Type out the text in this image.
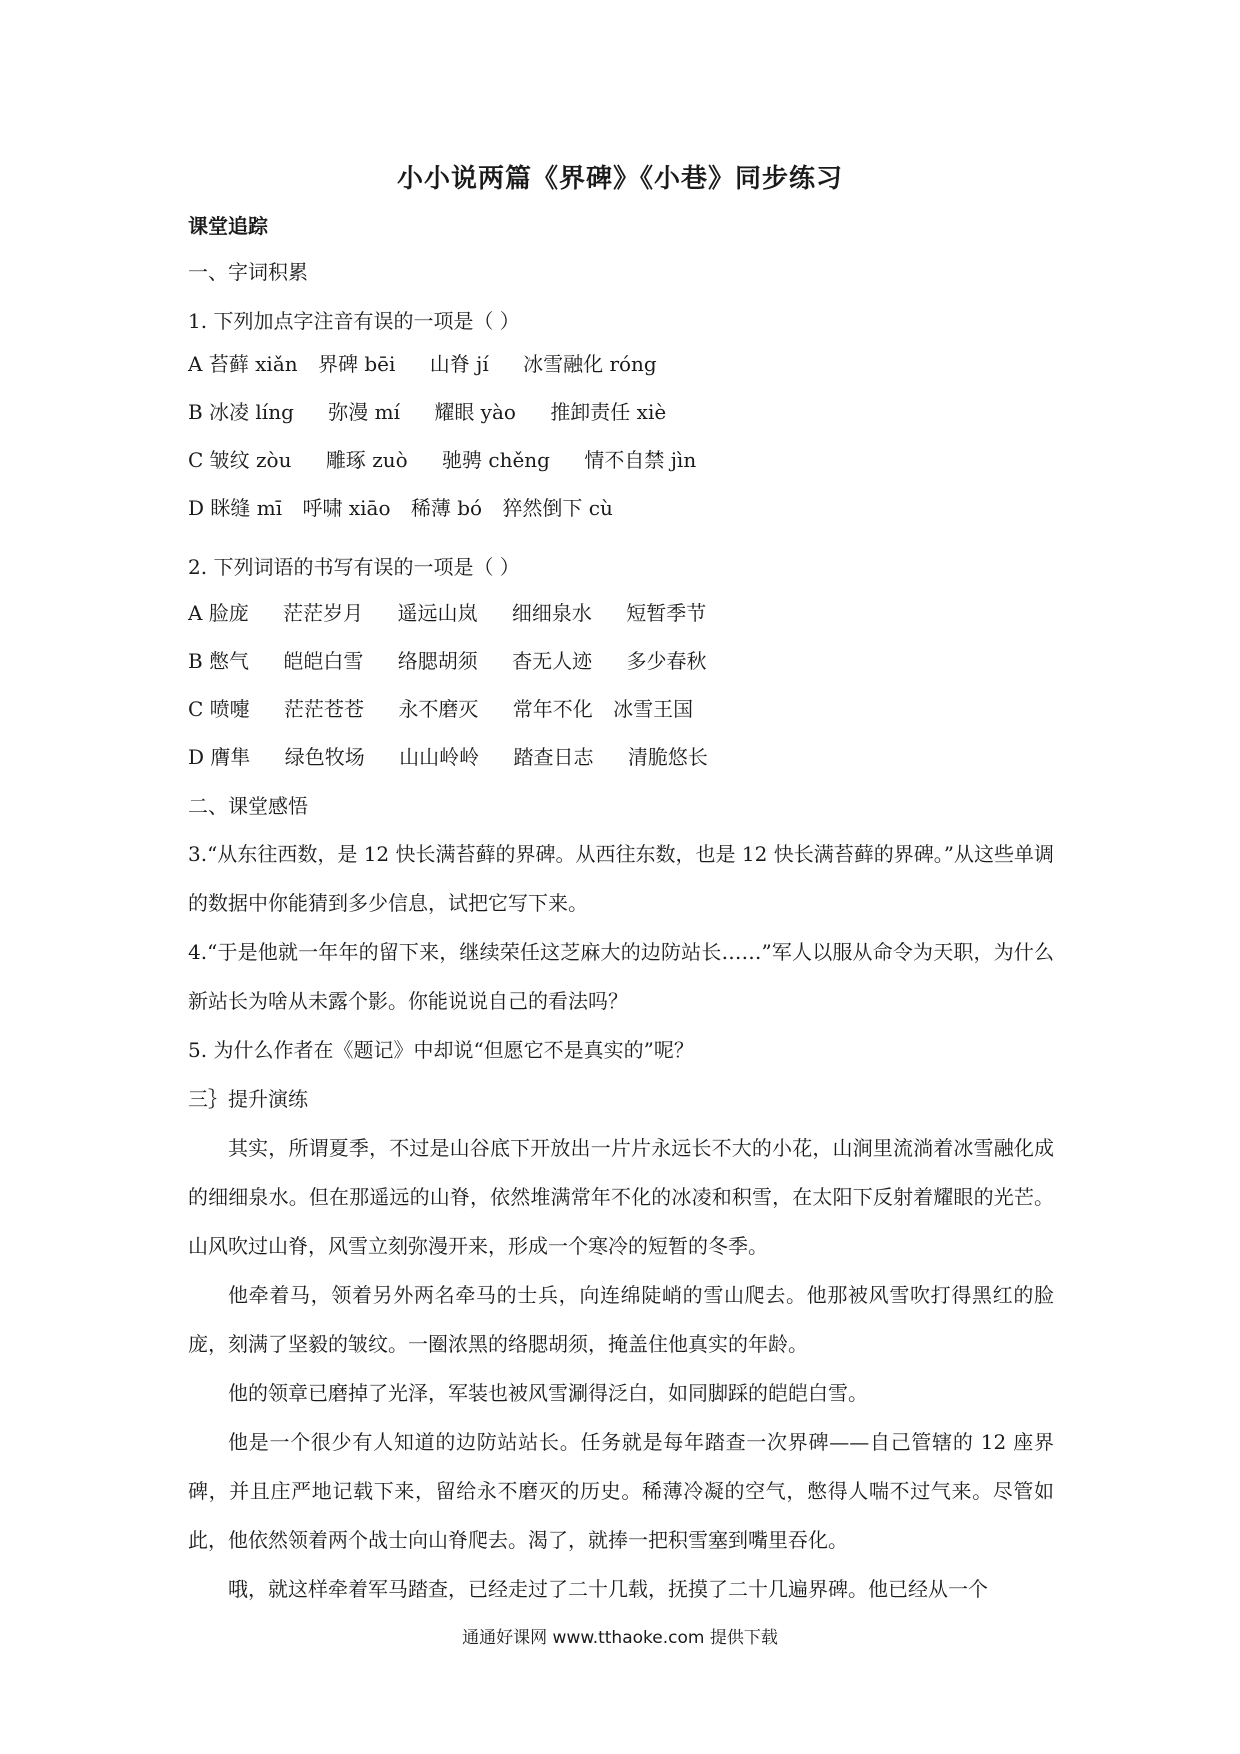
小小说两篇《界碑》《小巷》同步练习
课堂追踪
一、字词积累
1. 下列加点字注音有误的一项是（ ）
A 苔藓 xiǎn 界碑 bēi 山脊 jí 冰雪融化 róng
B 冰凌 líng 弥漫 mí 耀眼 yào 推卸责任 xiè
C 皱纹 zòu 雕琢 zuò 驰骋 chěng 情不自禁 jìn
D 眯缝 mī 呼啸 xiāo 稀薄 bó 猝然倒下 cù
2. 下列词语的书写有误的一项是（ ）
A 脸庞 茫茫岁月 遥远山岚 细细泉水 短暂季节
B 憋气 皑皑白雪 络腮胡须 杳无人迹 多少春秋
C 喷嚏 茫茫苍苍 永不磨灭 常年不化 冰雪王国
D 膺隼 绿色牧场 山山岭岭 踏查日志 清脆悠长
二、课堂感悟
3.“从东往西数，是 12 快长满苔藓的界碑。从西往东数，也是 12 快长满苔藓的界碑。”从这些单调的数据中你能猜到多少信息，试把它写下来。
4.“于是他就一年年的留下来，继续荣任这芝麻大的边防站长……”军人以服从命令为天职，为什么新站长为啥从未露个影。你能说说自己的看法吗？
5. 为什么作者在《题记》中却说“但愿它不是真实的”呢？
三｝提升演练
其实，所谓夏季，不过是山谷底下开放出一片片永远长不大的小花，山涧里流淌着冰雪融化成的细细泉水。但在那遥远的山脊，依然堆满常年不化的冰凌和积雪，在太阳下反射着耀眼的光芒。山风吹过山脊，风雪立刻弥漫开来，形成一个寒冷的短暂的冬季。
他牵着马，领着另外两名牵马的士兵，向连绵陡峭的雪山爬去。他那被风雪吹打得黑红的脸庞，刻满了坚毅的皱纹。一圈浓黑的络腮胡须，掩盖住他真实的年龄。
他的领章已磨掉了光泽，军装也被风雪涮得泛白，如同脚踩的皑皑白雪。
他是一个很少有人知道的边防站站长。任务就是每年踏查一次界碑——自己管辖的 12 座界碑，并且庄严地记载下来，留给永不磨灭的历史。稀薄冷凝的空气，憋得人喘不过气来。尽管如此，他依然领着两个战士向山脊爬去。渴了，就捧一把积雪塞到嘴里吞化。
哦，就这样牵着军马踏查，已经走过了二十几载，抚摸了二十几遍界碑。他已经从一个
通通好课网 www.tthaoke.com 提供下载
